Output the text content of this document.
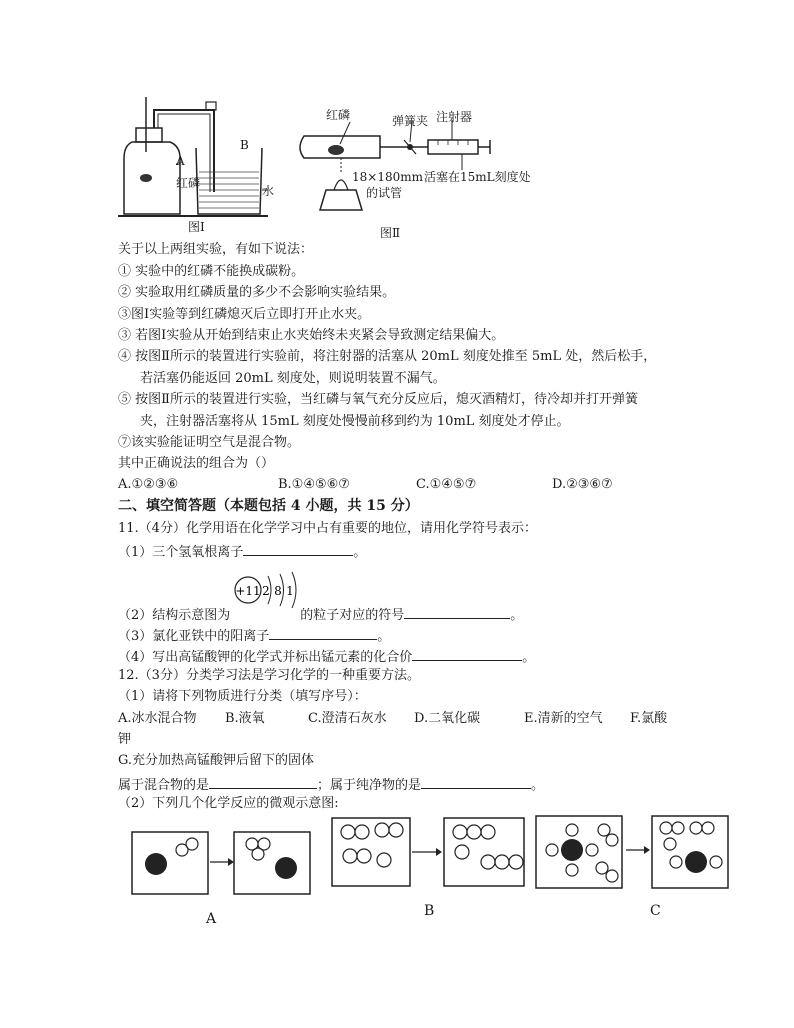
A
红磷
B
水
图Ⅰ
红磷	弹簧夹 注射器
18×180mm
的试管
活塞在15mL刻度处
图Ⅱ
关于以上两组实验，有如下说法：
① 实验中的红磷不能换成碳粉。
② 实验取用红磷质量的多少不会影响实验结果。
③图Ⅰ实验等到红磷熄灭后立即打开止水夹。
③ 若图Ⅰ实验从开始到结束止水夹始终未夹紧会导致测定结果偏大。
④ 按图Ⅱ所示的装置进行实验前，将注射器的活塞从 20mL 刻度处推至 5mL 处，然后松手，
若活塞仍能返回 20mL 刻度处，则说明装置不漏气。
⑤ 按图Ⅱ所示的装置进行实验，当红磷与氧气充分反应后，熄灭酒精灯，待冷却并打开弹簧
夹，注射器活塞将从 15mL 刻度处慢慢前移到约为 10mL 刻度处才停止。
⑦该实验能证明空气是混合物。
其中正确说法的组合为（）
A.①②③⑥	B.①④⑤⑥⑦	C.①④⑤⑦	D.②③⑥⑦
二、填空简答题（本题包括 4 小题，共 15 分）
11.（4分）化学用语在化学学习中占有重要的地位，请用化学符号表示：
（1）三个氢氧根离子	。
+11 2 8 1
（2）结构示意图为	的粒子对应的符号	。
（3）氯化亚铁中的阳离子	。
（4）写出高锰酸钾的化学式并标出锰元素的化合价	。
12.（3分）分类学习法是学习化学的一种重要方法。
（1）请将下列物质进行分类（填写序号）：
A.冰水混合物 B.液氧	C.澄清石灰水 D.二氧化碳	E.清新的空气 F.氯酸
钾
G.充分加热高锰酸钾后留下的固体
属于混合物的是	；属于纯净物的是	。
（2）下列几个化学反应的微观示意图:
A	B	C
